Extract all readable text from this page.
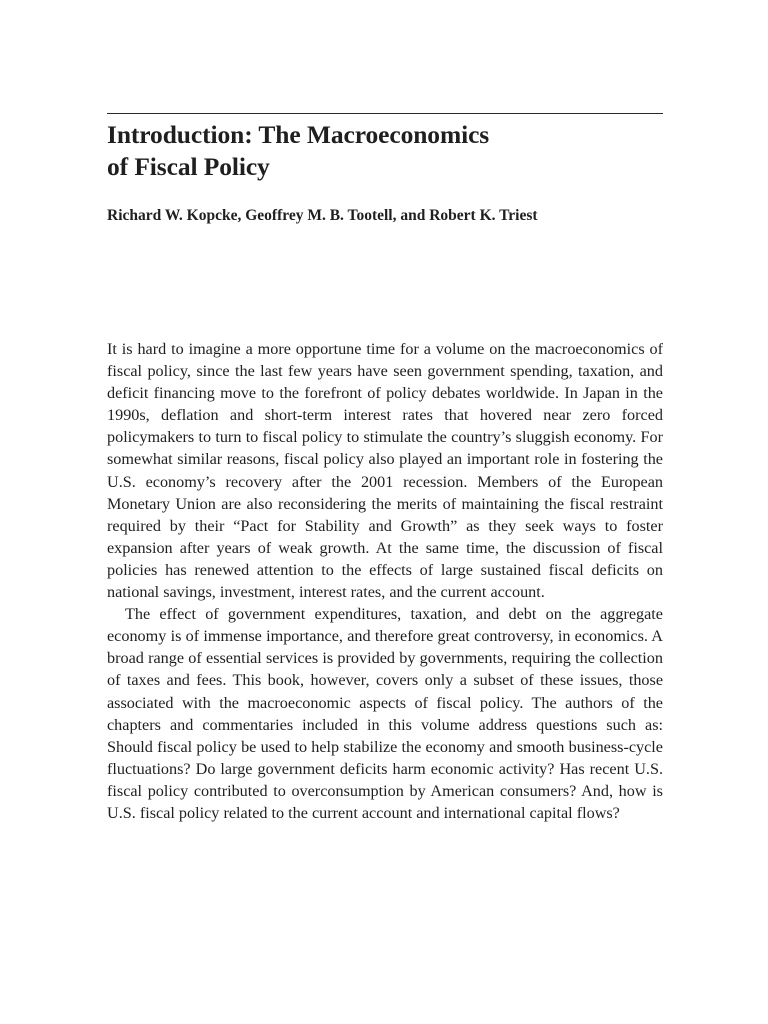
Introduction: The Macroeconomics
of Fiscal Policy
Richard W. Kopcke, Geoffrey M. B. Tootell, and Robert K. Triest

It is hard to imagine a more opportune time for a volume on the macroeconomics of fiscal policy, since the last few years have seen government spending, taxation, and deficit financing move to the forefront of policy debates worldwide. In Japan in the 1990s, deflation and short-term interest rates that hovered near zero forced policymakers to turn to fiscal policy to stimulate the country’s sluggish economy. For somewhat similar reasons, fiscal policy also played an important role in fostering the U.S. economy’s recovery after the 2001 recession. Members of the European Monetary Union are also reconsidering the merits of maintaining the fiscal restraint required by their “Pact for Stability and Growth” as they seek ways to foster expansion after years of weak growth. At the same time, the discussion of fiscal policies has renewed attention to the effects of large sustained fiscal deficits on national savings, investment, interest rates, and the current account.

The effect of government expenditures, taxation, and debt on the aggregate economy is of immense importance, and therefore great controversy, in economics. A broad range of essential services is provided by governments, requiring the collection of taxes and fees. This book, however, covers only a subset of these issues, those associated with the macroeconomic aspects of fiscal policy. The authors of the chapters and commentaries included in this volume address questions such as: Should fiscal policy be used to help stabilize the economy and smooth business-cycle fluctuations? Do large government deficits harm economic activity? Has recent U.S. fiscal policy contributed to overconsumption by American consumers? And, how is U.S. fiscal policy related to the current account and international capital flows?
